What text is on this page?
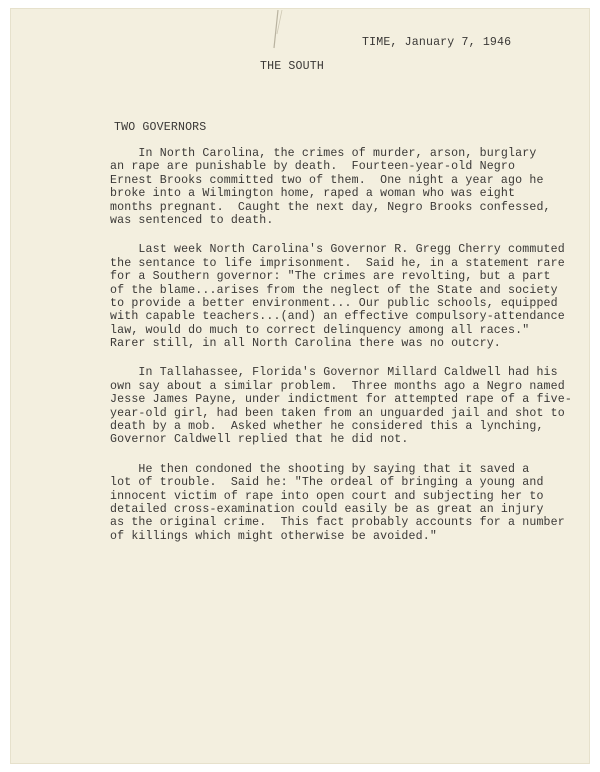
TIME, January 7, 1946
THE SOUTH
TWO GOVERNORS
In North Carolina, the crimes of murder, arson, burglary
an rape are punishable by death.  Fourteen-year-old Negro
Ernest Brooks committed two of them.  One night a year ago he
broke into a Wilmington home, raped a woman who was eight
months pregnant.  Caught the next day, Negro Brooks confessed,
was sentenced to death.
Last week North Carolina's Governor R. Gregg Cherry commuted
the sentance to life imprisonment.  Said he, in a statement rare
for a Southern governor: "The crimes are revolting, but a part
of the blame...arises from the neglect of the State and society
to provide a better environment... Our public schools, equipped
with capable teachers...(and) an effective compulsory-attendance
law, would do much to correct delinquency among all races."
Rarer still, in all North Carolina there was no outcry.
In Tallahassee, Florida's Governor Millard Caldwell had his
own say about a similar problem.  Three months ago a Negro named
Jesse James Payne, under indictment for attempted rape of a five-
year-old girl, had been taken from an unguarded jail and shot to
death by a mob.  Asked whether he considered this a lynching,
Governor Caldwell replied that he did not.
He then condoned the shooting by saying that it saved a
lot of trouble.  Said he: "The ordeal of bringing a young and
innocent victim of rape into open court and subjecting her to
detailed cross-examination could easily be as great an injury
as the original crime.  This fact probably accounts for a number
of killings which might otherwise be avoided."
